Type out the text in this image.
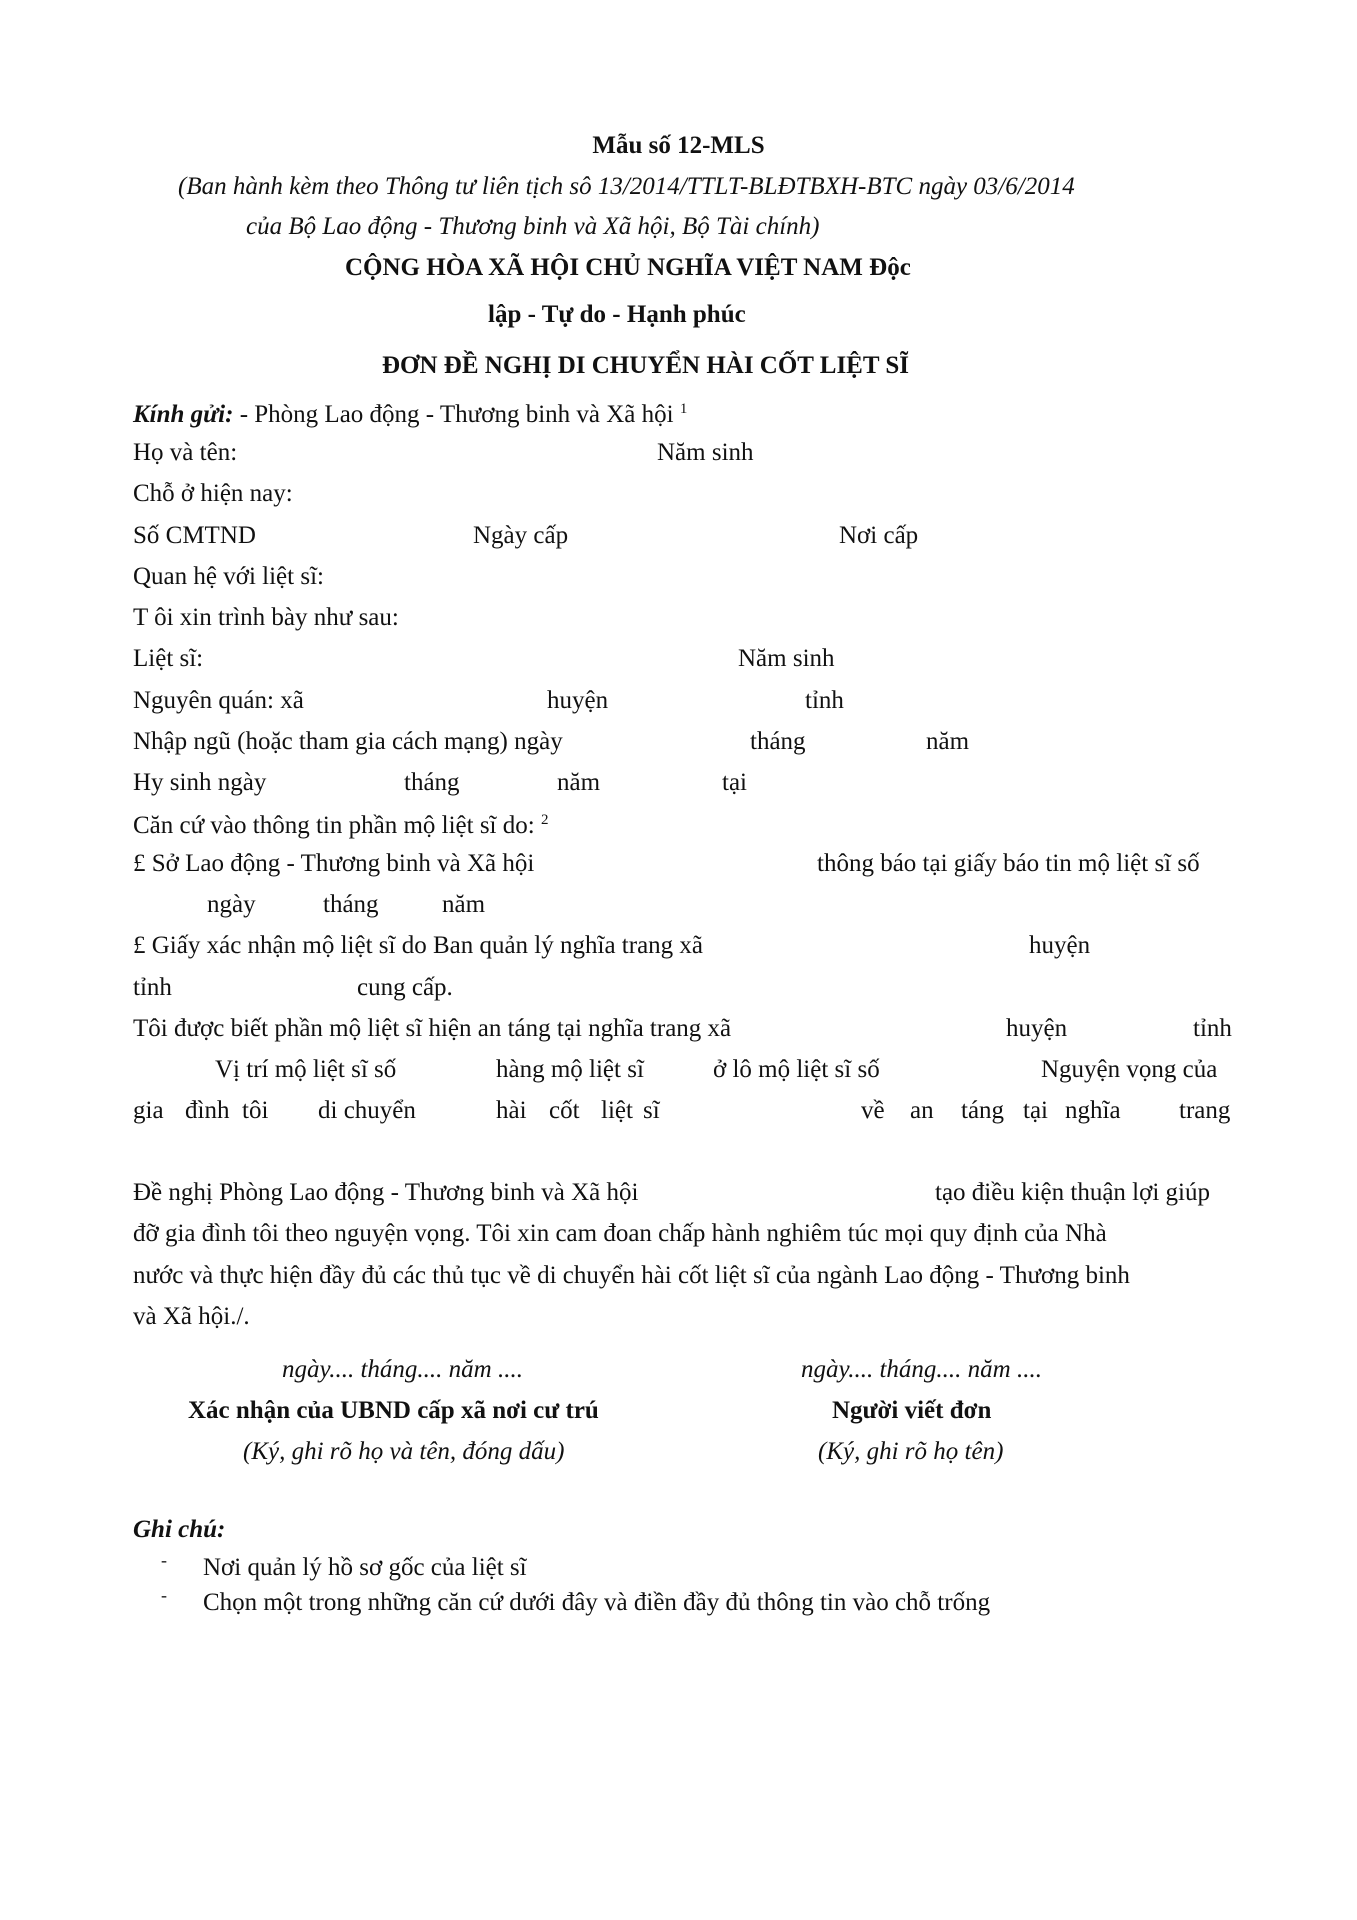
Mẫu số 12-MLS
(Ban hành kèm theo Thông tư liên tịch sô 13/2014/TTLT-BLĐTBXH-BTC ngày 03/6/2014
của Bộ Lao động - Thương binh và Xã hội, Bộ Tài chính)
CỘNG HÒA XÃ HỘI CHỦ NGHĨA VIỆT NAM Độc
lập - Tự do - Hạnh phúc
ĐƠN ĐỀ NGHỊ DI CHUYỂN HÀI CỐT LIỆT SĨ
Kính gửi: - Phòng Lao động - Thương binh và Xã hội $^1$
Họ và tên:	Năm sinh
Chỗ ở hiện nay:
Số CMTND	Ngày cấp	Nơi cấp
Quan hệ với liệt sĩ:
T ôi xin trình bày như sau:
Liệt sĩ:	Năm sinh
Nguyên quán: xã	huyện	tỉnh
Nhập ngũ (hoặc tham gia cách mạng) ngày	tháng	năm
Hy sinh ngày	tháng	năm	tại
Căn cứ vào thông tin phần mộ liệt sĩ do: $^2$
£ Sở Lao động - Thương binh và Xã hội	thông báo tại giấy báo tin mộ liệt sĩ số
ngày	tháng	năm
£ Giấy xác nhận mộ liệt sĩ do Ban quản lý nghĩa trang xã	huyện
tỉnh	cung cấp.
Tôi được biết phần mộ liệt sĩ hiện an táng tại nghĩa trang xã	huyện	tỉnh
Vị trí mộ liệt sĩ số	hàng mộ liệt sĩ	ở lô mộ liệt sĩ số	Nguyện vọng của
gia đình tôi di chuyển	hài cốt liệt sĩ	về an táng tại nghĩa trang
Đề nghị Phòng Lao động - Thương binh và Xã hội	tạo điều kiện thuận lợi giúp
đỡ gia đình tôi theo nguyện vọng. Tôi xin cam đoan chấp hành nghiêm túc mọi quy định của Nhà
nước và thực hiện đầy đủ các thủ tục về di chuyển hài cốt liệt sĩ của ngành Lao động - Thương binh
và Xã hội./.
ngày.... tháng.... năm ....
Xác nhận của UBND cấp xã nơi cư trú
(Ký, ghi rõ họ và tên, đóng dấu)
ngày.... tháng.... năm ....
Người viết đơn
(Ký, ghi rõ họ tên)
Ghi chú:
- Nơi quản lý hồ sơ gốc của liệt sĩ
- Chọn một trong những căn cứ dưới đây và điền đầy đủ thông tin vào chỗ trống
